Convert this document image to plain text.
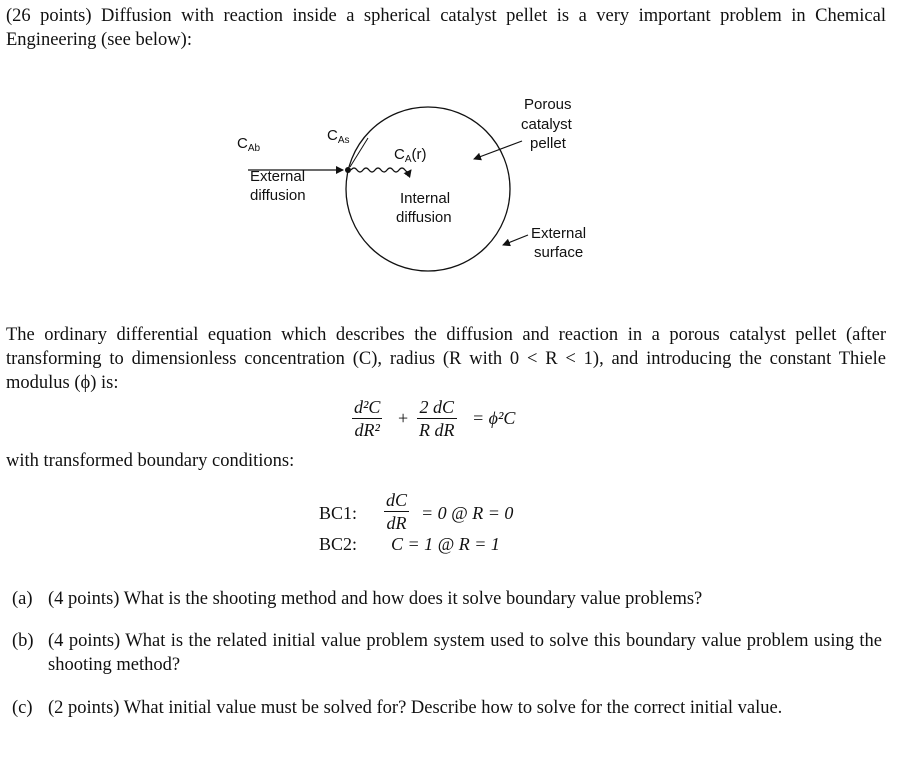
(26 points) Diffusion with reaction inside a spherical catalyst pellet is a very important problem in Chemical Engineering (see below):
$C_{Ab}$
$C_{As}$
$C_A(r)$
External
diffusion	Internal
diffusion
Porous
catalyst
pellet
External
surface
The ordinary differential equation which describes the diffusion and reaction in a porous catalyst pellet (after transforming to dimensionless concentration (C), radius (R with 0 < R < 1), and introducing the constant Thiele modulus (ϕ) is:
$\frac{\text{d²C}}{\text{dR²}} + \frac{2 dC}{\text{R dR}} = \phi^2C$
with transformed boundary conditions:
BC1: $\frac{dC}{dR} = 0$ @ R = 0
BC2: C = 1 @ R = 1
(a) (4 points) What is the shooting method and how does it solve boundary value problems?
(b) (4 points) What is the related initial value problem system used to solve this boundary value problem using the shooting method?
(c) (2 points) What initial value must be solved for? Describe how to solve for the correct initial value.
